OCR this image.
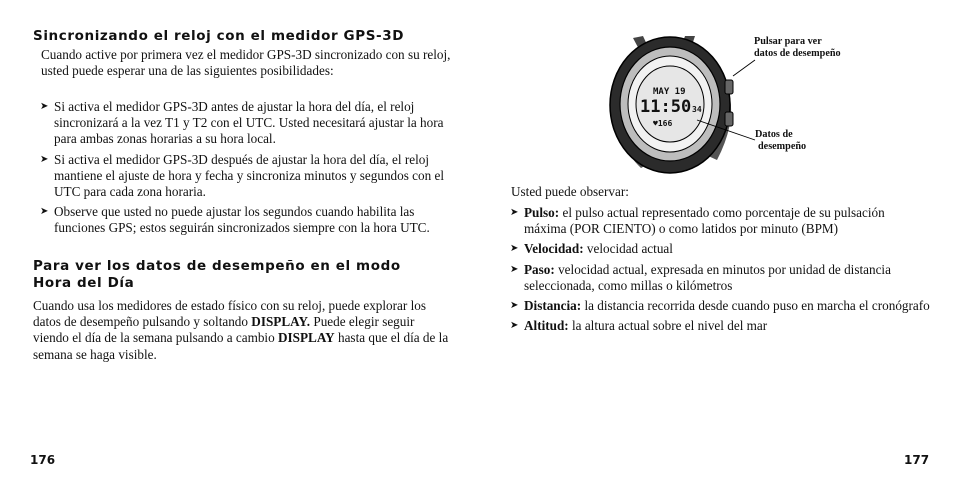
Sincronizando el reloj con el medidor GPS-3D

Cuando active por primera vez el medidor GPS-3D sincronizado con su reloj, usted puede esperar una de las siguientes posibilidades:

➤ Si activa el medidor GPS-3D antes de ajustar la hora del día, el reloj sincronizará a la vez T1 y T2 con el UTC. Usted necesitará ajustar la hora para ambas zonas horarias a su hora local.
➤ Si activa el medidor GPS-3D después de ajustar la hora del día, el reloj mantiene el ajuste de hora y fecha y sincroniza minutos y segundos con el UTC para cada zona horaria.
➤ Observe que usted no puede ajustar los segundos cuando habilita las funciones GPS; estos seguirán sincronizados siempre con la hora UTC.
Para ver los datos de desempeño en el modo
Hora del Día

Cuando usa los medidores de estado físico con su reloj, puede explorar los datos de desempeño pulsando y soltando DISPLAY. Puede elegir seguir viendo el día de la semana pulsando a cambio DISPLAY hasta que el día de la semana se haga visible.

176
MAY 19
11:50 34
♥166
Pulsar para ver
datos de desempeño
Datos de
desempeño

Usted puede observar:

➤ Pulso: el pulso actual representado como porcentaje de su pulsación máxima (POR CIENTO) o como latidos por minuto (BPM)
➤ Velocidad: velocidad actual
➤ Paso: velocidad actual, expresada en minutos por unidad de distancia seleccionada, como millas o kilómetros
➤ Distancia: la distancia recorrida desde cuando puso en marcha el cronógrafo
➤ Altitud: la altura actual sobre el nivel del mar
177
